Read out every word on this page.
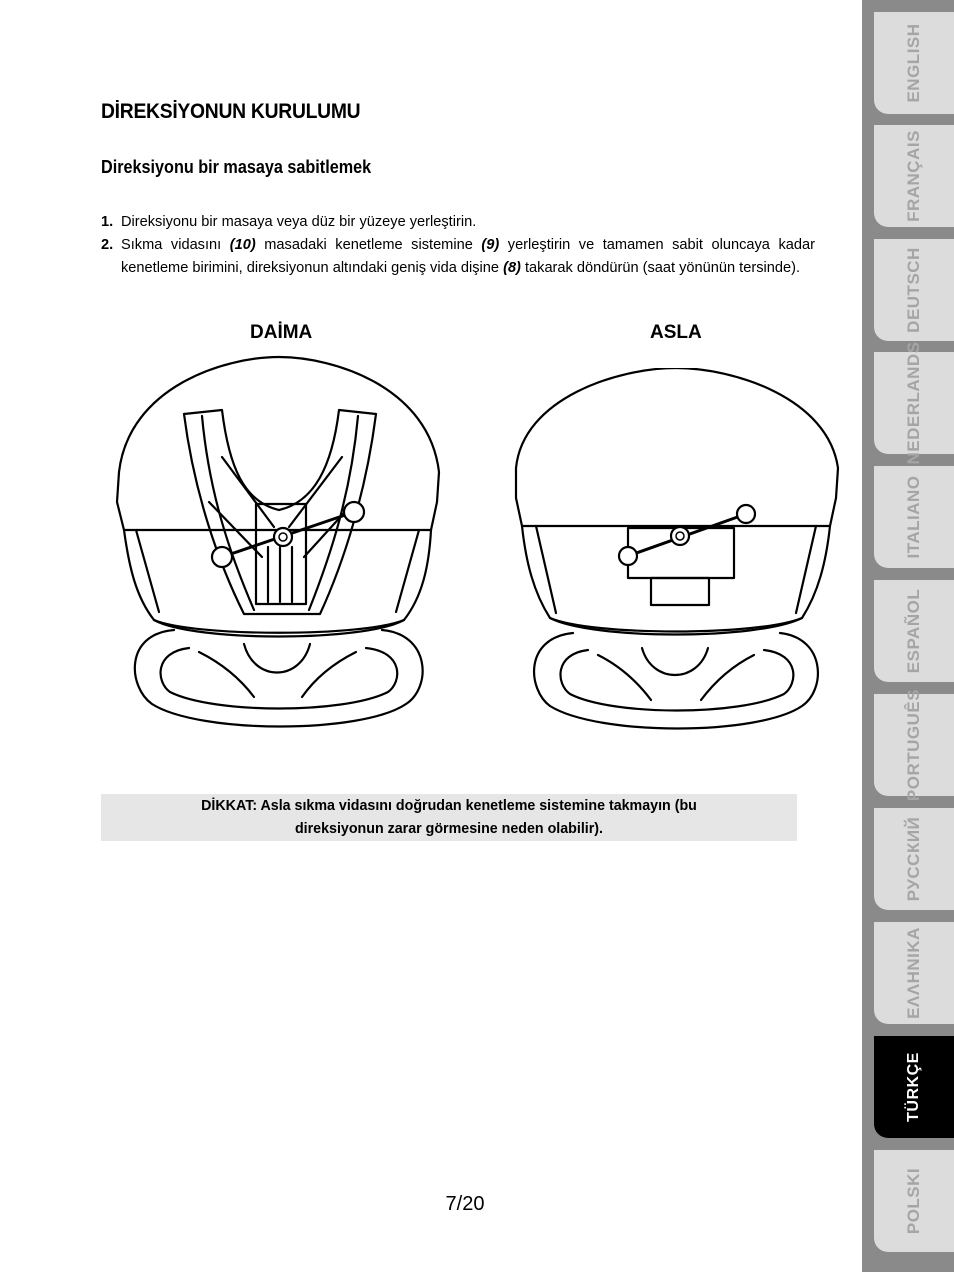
DİREKSİYONUN KURULUMU
Direksiyonu bir masaya sabitlemek
1. Direksiyonu bir masaya veya düz bir yüzeye yerleştirin.
2. Sıkma vidasını (10) masadaki kenetleme sistemine (9) yerleştirin ve tamamen sabit oluncaya kadar kenetleme birimini, direksiyonun altındaki geniş vida dişine (8) takarak döndürün (saat yönünün tersinde).
DAİMA	ASLA
DİKKAT: Asla sıkma vidasını doğrudan kenetleme sistemine takmayın (bu
direksiyonun zarar görmesine neden olabilir).
7/20
ENGLISH
FRANÇAIS
DEUTSCH
NEDERLANDS
ITALIANO
ESPAÑOL
PORTUGUÊS
РУССКИЙ
ΕΛΛΗΝΙΚΑ
TÜRKÇE
POLSKI
